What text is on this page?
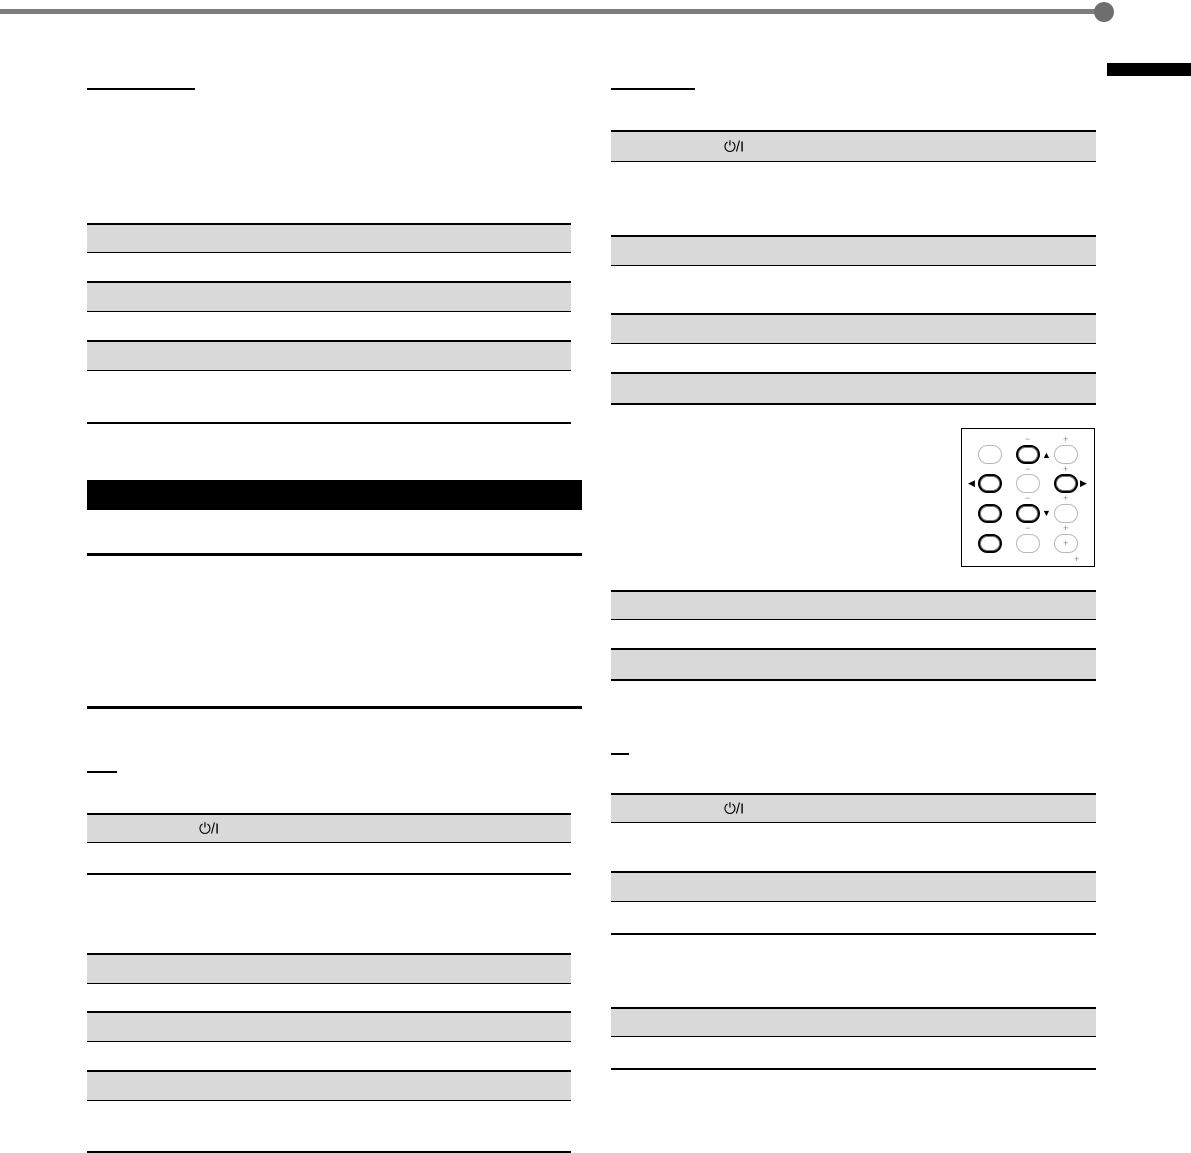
⏻/I
⏻/I
−	+
▲
−	+
◀	▶
−	+
▼
−	+
+
+
⏻/I
